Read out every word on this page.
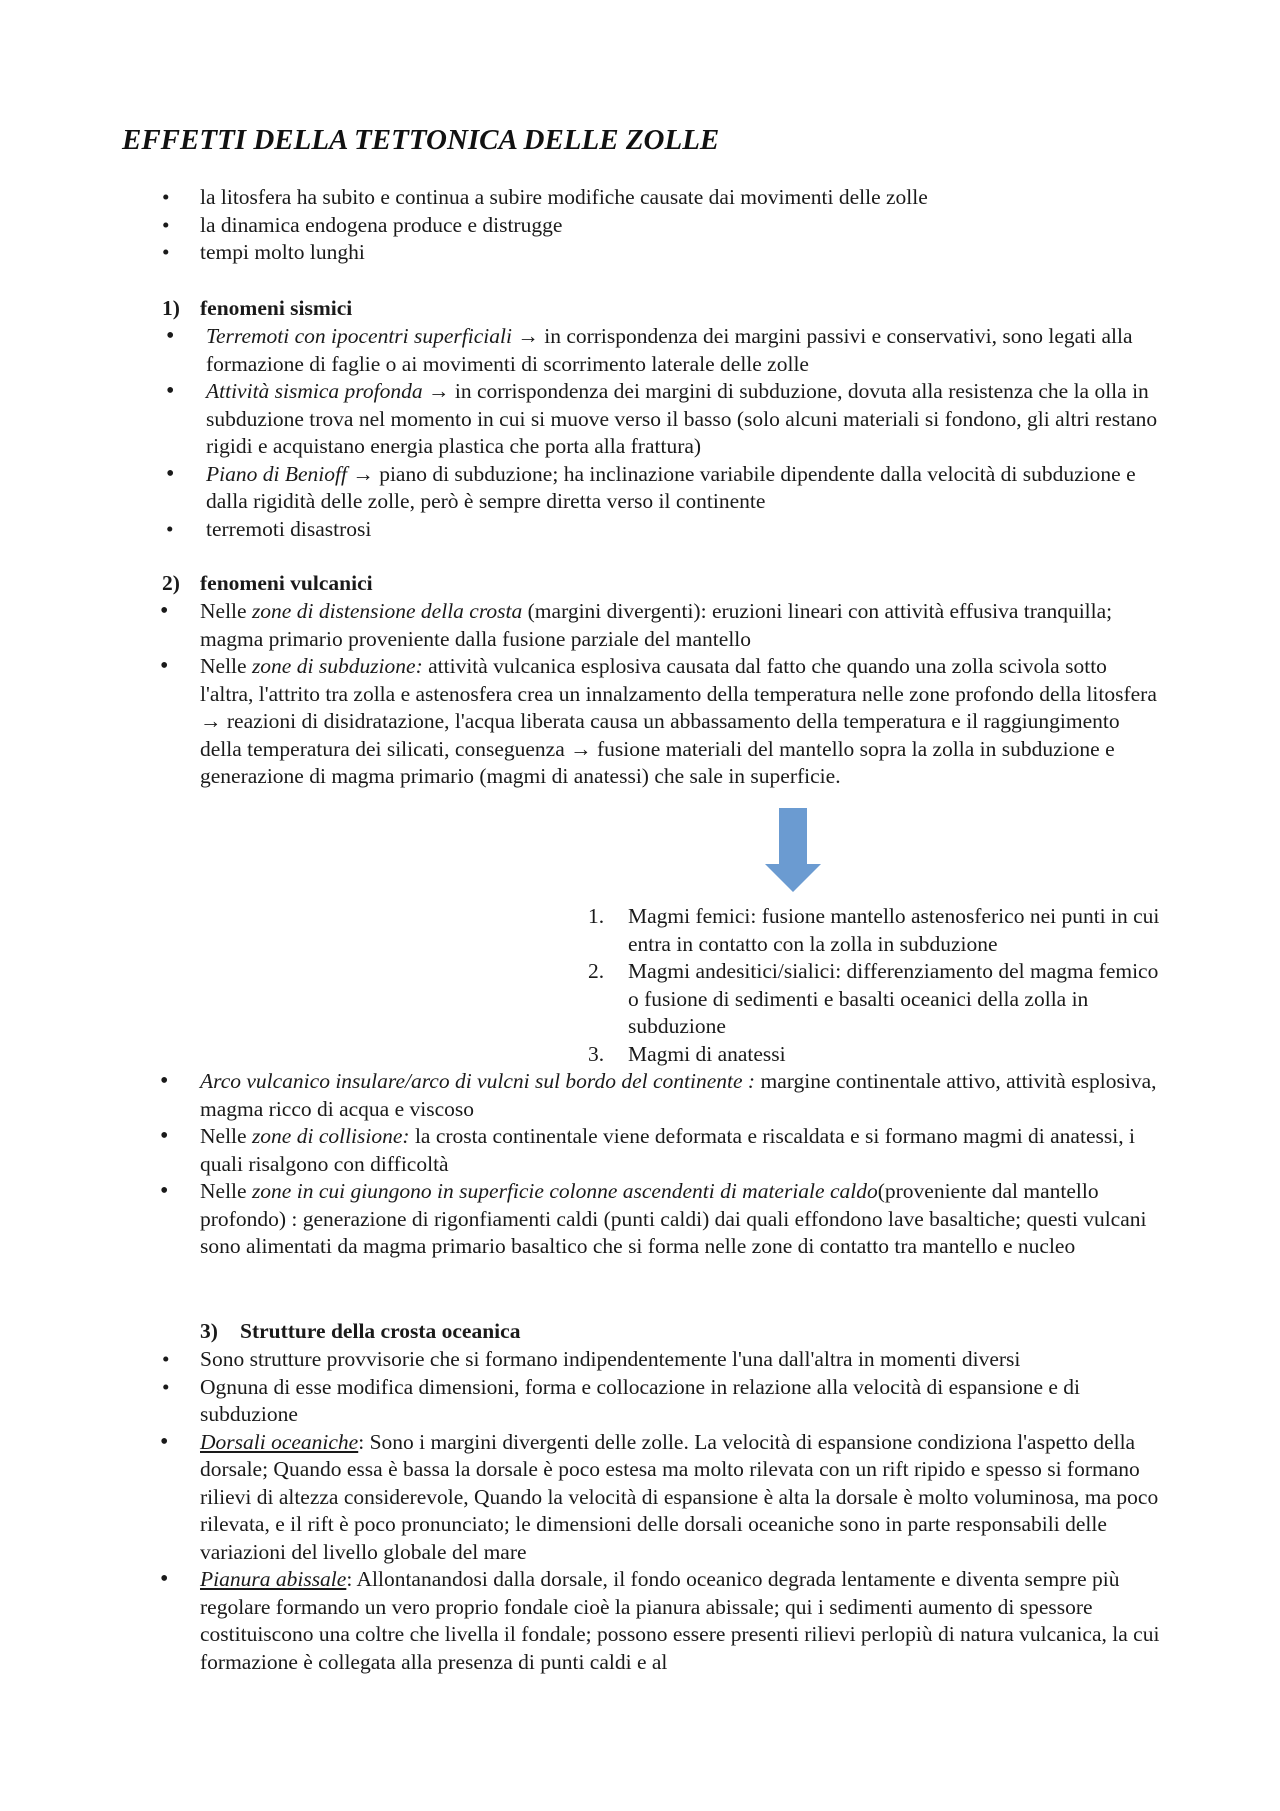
EFFETTI DELLA TETTONICA DELLE ZOLLE
• la litosfera ha subito e continua a subire modifiche causate dai movimenti delle zolle
• la dinamica endogena produce e distrugge
• tempi molto lunghi
1) fenomeni sismici
• Terremoti con ipocentri superficiali → in corrispondenza dei margini passivi e conservativi, sono legati alla formazione di faglie o ai movimenti di scorrimento laterale delle zolle
• Attività sismica profonda → in corrispondenza dei margini di subduzione, dovuta alla resistenza che la olla in subduzione trova nel momento in cui si muove verso il basso (solo alcuni materiali si fondono, gli altri restano rigidi e acquistano energia plastica che porta alla frattura)
• Piano di Benioff → piano di subduzione; ha inclinazione variabile dipendente dalla velocità di subduzione e dalla rigidità delle zolle, però è sempre diretta verso il continente
• terremoti disastrosi
2) fenomeni vulcanici
• Nelle zone di distensione della crosta (margini divergenti): eruzioni lineari con attività effusiva tranquilla; magma primario proveniente dalla fusione parziale del mantello
• Nelle zone di subduzione: attività vulcanica esplosiva causata dal fatto che quando una zolla scivola sotto l'altra, l'attrito tra zolla e astenosfera crea un innalzamento della temperatura nelle zone profondo della litosfera → reazioni di disidratazione, l'acqua liberata causa un abbassamento della temperatura e il raggiungimento della temperatura dei silicati, conseguenza → fusione materiali del mantello sopra la zolla in subduzione e generazione di magma primario (magmi di anatessi) che sale in superficie.
1. Magmi femici: fusione mantello astenosferico nei punti in cui entra in contatto con la zolla in subduzione
2. Magmi andesitici/sialici: differenziamento del magma femico o fusione di sedimenti e basalti oceanici della zolla in subduzione
3. Magmi di anatessi
• Arco vulcanico insulare/arco di vulcni sul bordo del continente : margine continentale attivo, attività esplosiva, magma ricco di acqua e viscoso
• Nelle zone di collisione: la crosta continentale viene deformata e riscaldata e si formano magmi di anatessi, i quali risalgono con difficoltà
• Nelle zone in cui giungono in superficie colonne ascendenti di materiale caldo(proveniente dal mantello profondo) : generazione di rigonfiamenti caldi (punti caldi) dai quali effondono lave basaltiche; questi vulcani sono alimentati da magma primario basaltico che si forma nelle zone di contatto tra mantello e nucleo
3) Strutture della crosta oceanica
• Sono strutture provvisorie che si formano indipendentemente l'una dall'altra in momenti diversi
• Ognuna di esse modifica dimensioni, forma e collocazione in relazione alla velocità di espansione e di subduzione
• Dorsali oceaniche: Sono i margini divergenti delle zolle. La velocità di espansione condiziona l'aspetto della dorsale; Quando essa è bassa la dorsale è poco estesa ma molto rilevata con un rift ripido e spesso si formano rilievi di altezza considerevole, Quando la velocità di espansione è alta la dorsale è molto voluminosa, ma poco rilevata, e il rift è poco pronunciato; le dimensioni delle dorsali oceaniche sono in parte responsabili delle variazioni del livello globale del mare
• Pianura abissale: Allontanandosi dalla dorsale, il fondo oceanico degrada lentamente e diventa sempre più regolare formando un vero proprio fondale cioè la pianura abissale; qui i sedimenti aumento di spessore costituiscono una coltre che livella il fondale; possono essere presenti rilievi perlopiù di natura vulcanica, la cui formazione è collegata alla presenza di punti caldi e al
